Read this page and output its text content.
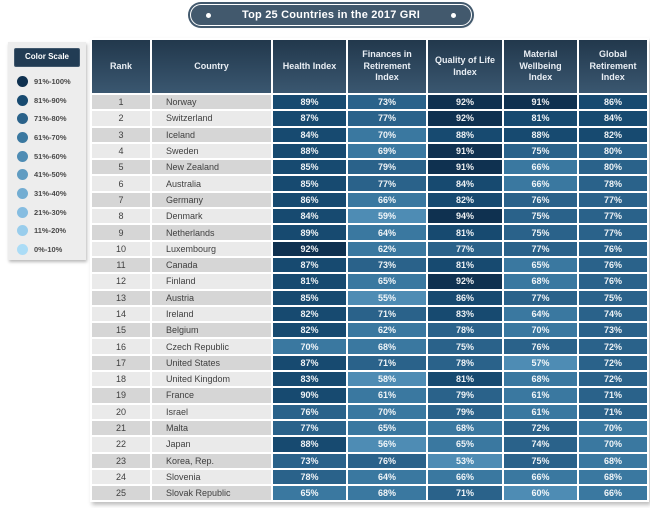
Top 25 Countries in the 2017 GRI
Color Scale
91%-100%
81%-90%
71%-80%
61%-70%
51%-60%
41%-50%
31%-40%
21%-30%
11%-20%
0%-10%
Rank	Country	Health Index	Finances in Retirement Index	Quality of Life Index	Material Wellbeing Index	Global Retirement Index
1	Norway	89%	73%	92%	91%	86%
2	Switzerland	87%	77%	92%	81%	84%
3	Iceland	84%	70%	88%	88%	82%
4	Sweden	88%	69%	91%	75%	80%
5	New Zealand	85%	79%	91%	66%	80%
6	Australia	85%	77%	84%	66%	78%
7	Germany	86%	66%	82%	76%	77%
8	Denmark	84%	59%	94%	75%	77%
9	Netherlands	89%	64%	81%	75%	77%
10	Luxembourg	92%	62%	77%	77%	76%
11	Canada	87%	73%	81%	65%	76%
12	Finland	81%	65%	92%	68%	76%
13	Austria	85%	55%	86%	77%	75%
14	Ireland	82%	71%	83%	64%	74%
15	Belgium	82%	62%	78%	70%	73%
16	Czech Republic	70%	68%	75%	76%	72%
17	United States	87%	71%	78%	57%	72%
18	United Kingdom	83%	58%	81%	68%	72%
19	France	90%	61%	79%	61%	71%
20	Israel	76%	70%	79%	61%	71%
21	Malta	77%	65%	68%	72%	70%
22	Japan	88%	56%	65%	74%	70%
23	Korea, Rep.	73%	76%	53%	75%	68%
24	Slovenia	78%	64%	66%	66%	68%
25	Slovak Republic	65%	68%	71%	60%	66%
